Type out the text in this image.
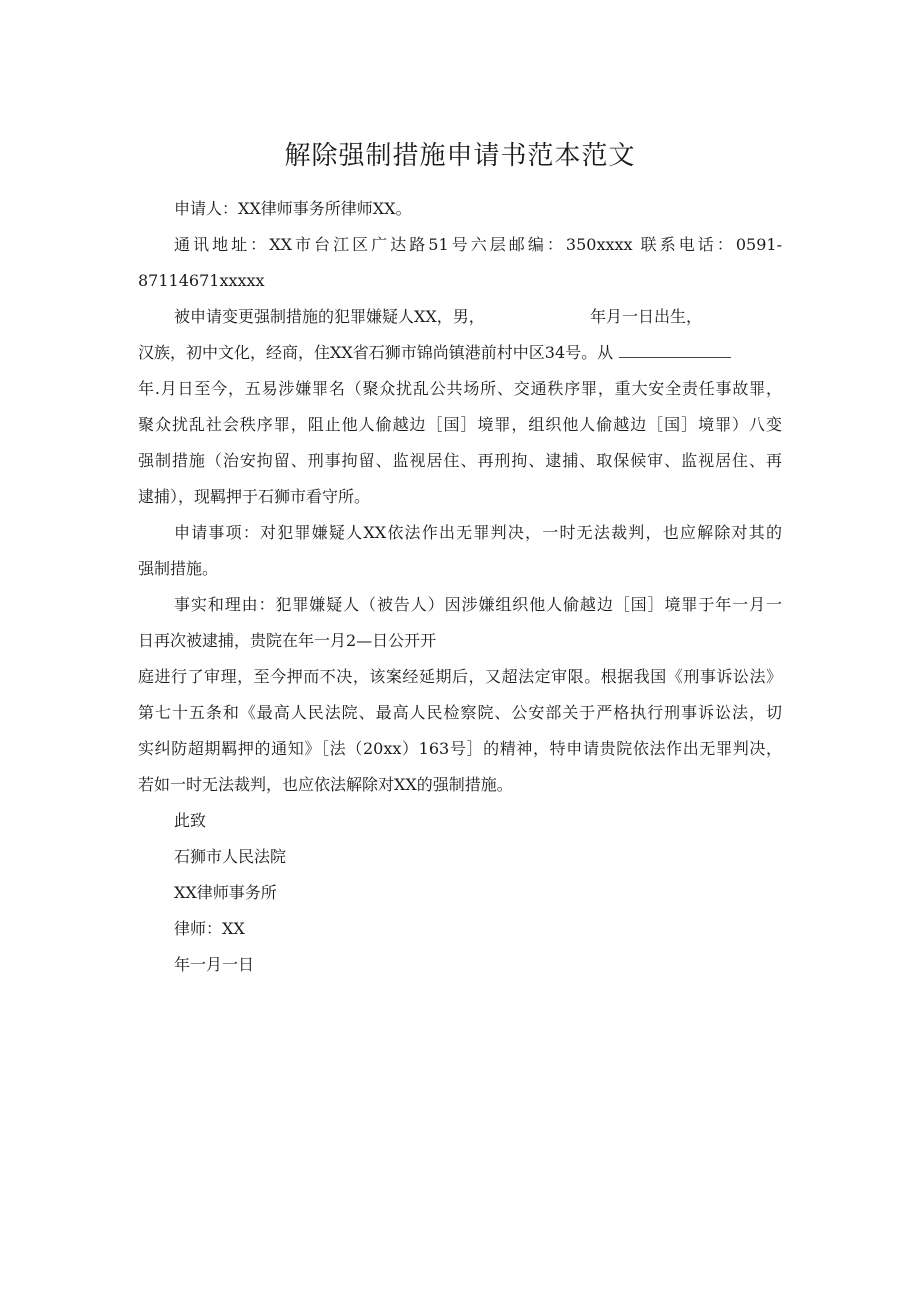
解除强制措施申请书范本范文
申请人：XX律师事务所律师XX。
通讯地址：XX市台江区广达路51号六层邮编：350xxxx 联系电话：0591-
87114671xxxxx
被申请变更强制措施的犯罪嫌疑人XX，男，	年月一日出生，
汉族，初中文化，经商，住XX省石狮市锦尚镇港前村中区34号。从
年.月日至今，五易涉嫌罪名（聚众扰乱公共场所、交通秩序罪，重大安全责任事故罪，
聚众扰乱社会秩序罪，阻止他人偷越边［国］境罪，组织他人偷越边［国］境罪）八变
强制措施（治安拘留、刑事拘留、监视居住、再刑拘、逮捕、取保候审、监视居住、再
逮捕），现羁押于石狮市看守所。
申请事项：对犯罪嫌疑人XX依法作出无罪判决，一时无法裁判，也应解除对其的
强制措施。
事实和理由：犯罪嫌疑人（被告人）因涉嫌组织他人偷越边［国］境罪于年一月一
日再次被逮捕，贵院在年一月2—日公开开
庭进行了审理，至今押而不决，该案经延期后，又超法定审限。根据我国《刑事诉讼法》
第七十五条和《最高人民法院、最高人民检察院、公安部关于严格执行刑事诉讼法，切
实纠防超期羁押的通知》［法（20xx）163号］的精神，特申请贵院依法作出无罪判决，
若如一时无法裁判，也应依法解除对XX的强制措施。
此致
石狮市人民法院
XX律师事务所
律师：XX
年一月一日
